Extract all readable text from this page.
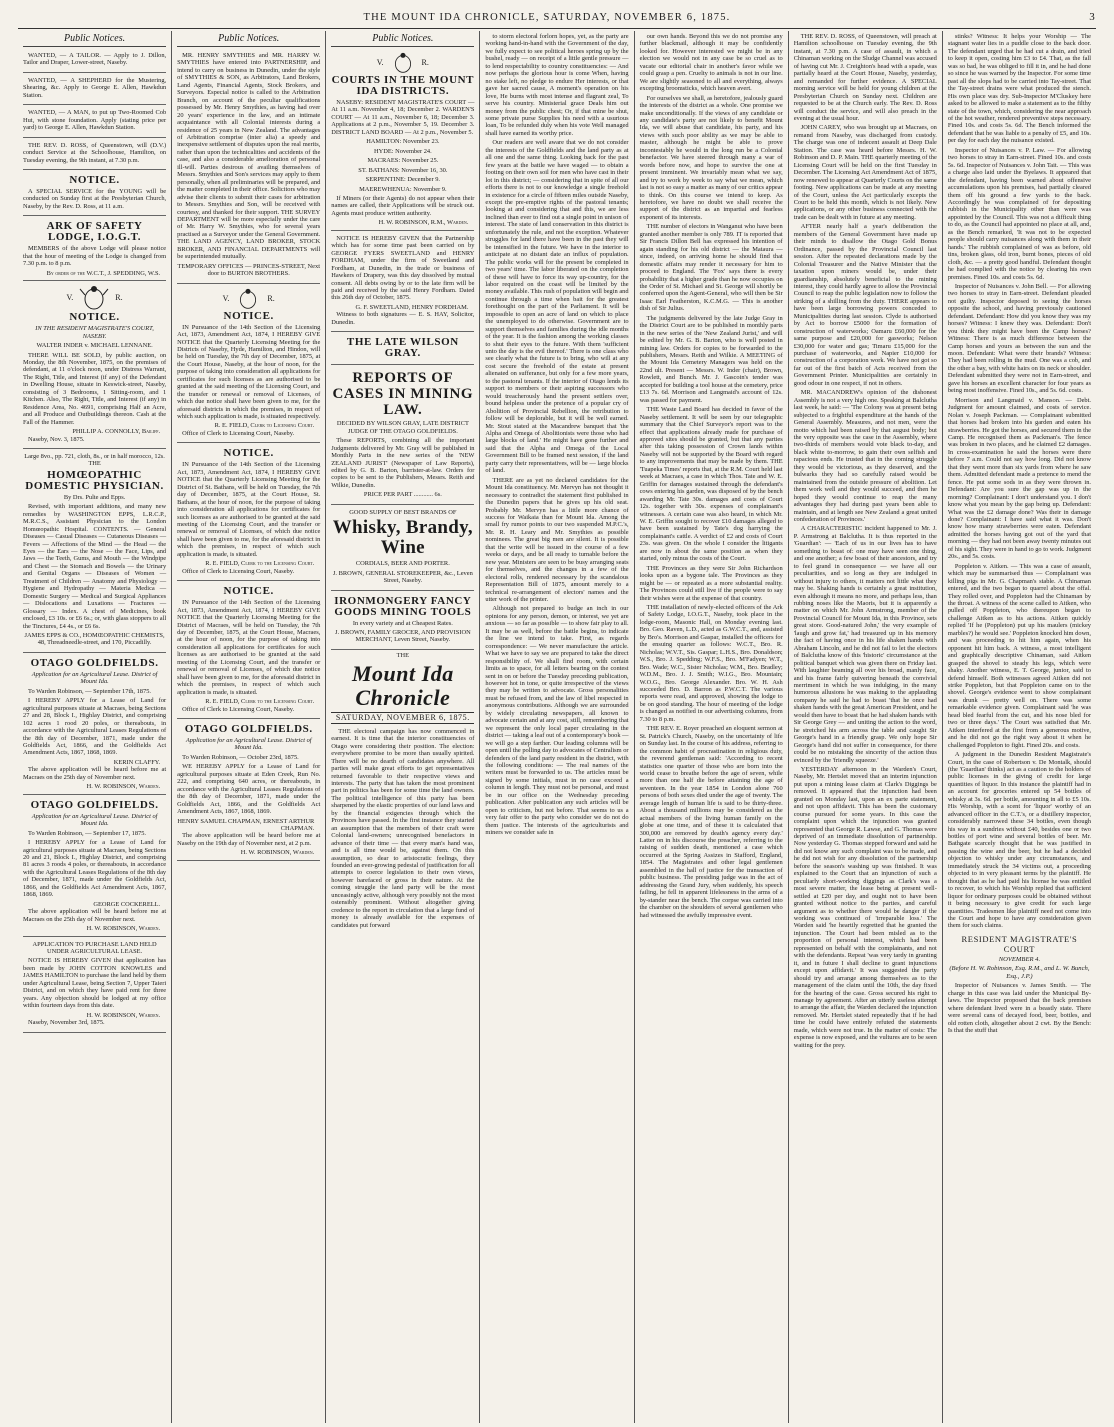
THE MOUNT IDA CHRONICLE, SATURDAY, NOVEMBER 6, 1875.	3
Public Notices.

WANTED, — A TAILOR. — Apply to J. Dillon, Tailor and Draper, Lower-street, Naseby.

WANTED, — A SHEPHERD for the Mustering, Shearing, &c. Apply to George E. Allen, Hawkdun Station.

WANTED, — A MAN, to put up Two-Roomed Cob Hut, with stone foundation. Apply (stating price per yard) to George E. Allen, Hawkdun Station.

THE REV. D. ROSS, of Queenstown, will (D.V.) conduct Service at the Schoolhouse, Hamilton, on Tuesday evening, the 9th instant, at 7.30 p.m.

NOTICE.

A SPECIAL SERVICE for the YOUNG will be conducted on Sunday first at the Presbyterian Church, Naseby, by the Rev. D. Ross, at 11 a.m.

ARK OF SAFETY LODGE, I.O.G.T.

MEMBERS of the above Lodge will please notice that the hour of meeting of the Lodge is changed from 7.30 p.m. to 8 p.m.

By order of the W.C.T., J. SPEDDING, W.S.
V.	R.
NOTICE.

IN THE RESIDENT MAGISTRATE'S COURT, NASEBY.

WALTER INDER v. MICHAEL LENNANE.

THERE WILL BE SOLD, by public auction, on Monday, the 8th November, 1875, on the premises of defendant, at 11 o'clock noon, under Distress Warrant, The Right, Title, and Interest (if any) of the Defendant in Dwelling House, situate in Keswick-street, Naseby, consisting of 3 Bedrooms, 1 Sitting-room, and 1 Kitchen. Also, The Right, Title, and Interest (if any) in Residence Area, No. 4691, comprising Half an Acre, and all Produce and Outbuildings thereon. Cash at the Fall of the Hammer.

PHILLIP A. CONNOLLY, Bailiff.

Naseby, Nov. 3, 1875.

Large 8vo., pp. 721, cloth, 8s., or in half morocco, 12s. THE

HOMŒOPATHIC DOMESTIC PHYSICIAN.

By Drs. Pulte and Epps.

Revised, with important additions, and many new remedies by WASHINGTON EPPS, L.R.C.P., M.R.C.S., Assistant Physician to the London Homœopathic Hospital. CONTENTS. — General Diseases — Casual Diseases — Cutaneous Diseases — Fevers — Affections of the Mind — the Head — the Eyes — the Ears — the Nose — the Face, Lips, and Jaws — the Teeth, Gums, and Mouth — the Windpipe and Chest — the Stomach and Bowels — the Urinary and Genital Organs — Diseases of Women — Treatment of Children — Anatomy and Physiology — Hygiene and Hydropathy — Materia Medica — Domestic Surgery — Medical and Surgical Appliances — Dislocations and Luxations — Fractures — Glossary — Index. A chest of Medicines, book enclosed, £3 10s. or £6 6s.; or, with glass stoppers to all the Tinctures, £4 4s., or £6 6s.

JAMES EPPS & CO., HOMŒOPATHIC CHEMISTS, 48, Threadneedle-street, and 170, Piccadilly.

OTAGO GOLDFIELDS.

Application for an Agricultural Lease. District of Mount Ida.

To Warden Robinson, — September 17th, 1875.

I HEREBY APPLY for a Lease of Land for agricultural purposes situate at Macraes, being Sections 27 and 28, Block I., Highlay District, and comprising 102 acres 1 rood 20 poles, or thereabouts, in accordance with the Agricultural Leases Regulations of the 8th day of December, 1871, made under the Goldfields Act, 1866, and the Goldfields Act Amendment Acts, 1867, 1868, 1869.

KERIN CLAFFY.

The above application will be heard before me at Macraes on the 25th day of November next.

H. W. ROBINSON, Warden.
OTAGO GOLDFIELDS.

Application for an Agricultural Lease. District of Mount Ida.

To Warden Robinson, — September 17, 1875.

I HEREBY APPLY for a Lease of Land for agricultural purposes situate at Macraes, being Sections 20 and 21, Block I., Highlay District, and comprising 81 acres 3 roods 4 poles, or thereabouts, in accordance with the Agricultural Leases Regulations of the 8th day of December, 1871, made under the Goldfields Act, 1866, and the Goldfields Act Amendment Acts, 1867, 1868, 1869.

GEORGE COCKERELL.

The above application will be heard before me at Macraes on the 25th day of November next.

H. W. ROBINSON, Warden.

APPLICATION TO PURCHASE LAND HELD UNDER AGRICULTURAL LEASE.

NOTICE IS HEREBY GIVEN that application has been made by JOHN COTTON KNOWLES and JAMES HAMILTON to purchase the land held by them under Agricultural Lease, being Section 7, Upper Taieri District, and on which they have paid rent for three years. Any objection should be lodged at my office within fourteen days from this date.

H. W. ROBINSON, Warden.

Naseby, November 3rd, 1875.

Public Notices.

MR. HENRY SMYTHIES and MR. HARRY W. SMYTHIES have entered into PARTNERSHIP, and intend to carry on business in Dunedin, under the style of SMYTHIES & SON, as Arbitrators, Land Brokers, Land Agents, Financial Agents, Stock Brokers, and Surveyors. Especial notice is called to the Arbitration Branch, on account of the peculiar qualifications possessed by Mr. Henry Smythies, as having had over 20 years' experience in the law, and an intimate acquaintance with all Colonial interests during a residence of 25 years in New Zealand. The advantages of Arbitration comprise (inter alia) a speedy and inexpensive settlement of disputes upon the real merits, rather than upon the technicalities and accidents of the case, and also a considerable amelioration of personal ill-will. Parties desirous of availing themselves of Messrs. Smythies and Son's services may apply to them personally, when all preliminaries will be prepared, and the matter completed in their office. Solicitors who may advise their clients to submit their cases for arbitration to Messrs. Smythies and Son, will be received with courtesy, and thanked for their support. THE SURVEY DEPARTMENT will be more especially under the care of Mr. Harry W. Smythies, who for several years practised as a Surveyor under the General Government. THE LAND AGENCY, LAND BROKER, STOCK BROKER, AND FINANCIAL DEPARTMENTS will be superintended mutually.

TEMPORARY OFFICES — PRINCES-STREET, Next door to BURTON BROTHERS.

V.	R.
NOTICE.

IN Pursuance of the 14th Section of the Licensing Act, 1873, Amendment Act, 1874, I HEREBY GIVE NOTICE that the Quarterly Licensing Meeting for the Districts of Naseby, Hyde, Hamilton, and Hindon, will be held on Tuesday, the 7th day of December, 1875, at the Court House, Naseby, at the hour of noon, for the purpose of taking into consideration all applications for certificates for such licenses as are authorised to be granted at the said meeting of the Licensing Court, and the transfer or renewal or removal of Licenses, of which due notice shall have been given to me, for the aforesaid districts in which the premises, in respect of which such application is made, is situated respectively.

R. E. FIELD, Clerk to Licensing Court.

Office of Clerk to Licensing Court, Naseby.

NOTICE.

IN Pursuance of the 14th Section of the Licensing Act, 1873, Amendment Act, 1874, I HEREBY GIVE NOTICE that the Quarterly Licensing Meeting for the District of St. Bathans, will be held on Tuesday, the 7th day of December, 1875, at the Court House, St. Bathans, at the hour of noon, for the purpose of taking into consideration all applications for certificates for such licenses as are authorised to be granted at the said meeting of the Licensing Court, and the transfer or renewal or removal of Licenses, of which due notice shall have been given to me, for the aforesaid district in which the premises, in respect of which such application is made, is situated.

R. E. FIELD, Clerk to the Licensing Court.

Office of Clerk to Licensing Court, Naseby.

NOTICE.

IN Pursuance of the 14th Section of the Licensing Act, 1873, Amendment Act, 1874, I HEREBY GIVE NOTICE that the Quarterly Licensing Meeting for the District of Macraes, will be held on Tuesday, the 7th day of December, 1875, at the Court House, Macraes, at the hour of noon, for the purpose of taking into consideration all applications for certificates for such licenses as are authorised to be granted at the said meeting of the Licensing Court, and the transfer or renewal or removal of Licenses, of which due notice shall have been given to me, for the aforesaid district in which the premises, in respect of which such application is made, is situated.

R. E. FIELD, Clerk to the Licensing Court.

Office of Clerk to Licensing Court, Naseby.

OTAGO GOLDFIELDS.

Application for an Agricultural Lease. District of Mount Ida.

To Warden Robinson, — October 23rd, 1875.

WE HEREBY APPLY for a Lease of Land for agricultural purposes situate at Eden Creek, Run No. 222, and comprising 640 acres, or thereabouts, in accordance with the Agricultural Leases Regulations of the 8th day of December, 1871, made under the Goldfields Act, 1866, and the Goldfields Act Amendment Acts, 1867, 1868, 1869.

HENRY SAMUEL CHAPMAN, ERNEST ARTHUR CHAPMAN.

The above application will be heard before me at Naseby on the 19th day of November next, at 2 p.m.

H. W. ROBINSON, Warden.
Public Notices.
V.	R.
COURTS IN THE MOUNT IDA DISTRICTS.

NASEBY: RESIDENT MAGISTRATE'S COURT — At 11 a.m. November 4, 18; December 2. WARDEN'S COURT — At 11 a.m., November 6, 18; December 3. Applications at 2 p.m., November 5, 19. December 3. DISTRICT LAND BOARD — At 2 p.m., November 5.

HAMILTON: November 23.

HYDE: November 24.

MACRAES: November 25.

ST. BATHANS: November 16, 30.

SERPENTINE: December 9.

MAEREWHENUA: November 9.

If Miners (or their Agents) do not appear when their names are called, their Applications will be struck out. Agents must produce written authority.

H. W. ROBINSON, R.M., Warden.

NOTICE IS HEREBY GIVEN that the Partnership which has for some time past been carried on by GEORGE FYERS SWEETLAND and HENRY FORDHAM, under the firm of Sweetland and Fordham, at Dunedin, in the trade or business of Hawkers of Drapery, was this day dissolved by mutual consent. All debts owing by or to the late firm will be paid and received by the said Henry Fordham. Dated this 26th day of October, 1875.

G. F. SWEETLAND, HENRY FORDHAM.

Witness to both signatures — E. S. HAY, Solicitor, Dunedin.

THE LATE WILSON GRAY.
REPORTS OF CASES IN MINING LAW.

DECIDED BY WILSON GRAY, LATE DISTRICT JUDGE OF THE OTAGO GOLDFIELDS.

These REPORTS, combining all the important Judgments delivered by Mr. Gray will be published in Monthly Parts in the new series of the 'NEW ZEALAND JURIST' (Newspaper of Law Reports), edited by G. B. Barton, barrister-at-law. Orders for copies to be sent to the Publishers, Messrs. Reith and Wilkie, Dunedin.

PRICE PER PART ............ 6s.

GOOD SUPPLY OF BEST BRANDS OF

Whisky, Brandy, Wine

CORDIALS, BEER AND PORTER.

J. BROWN, GENERAL STOREKEEPER, &c., Leven Street, Naseby.

IRONMONGERY FANCY GOODS MINING TOOLS

In every variety and at Cheapest Rates.

J. BROWN, FAMILY GROCER, AND PROVISION MERCHANT, Leven Street, Naseby.

THE
Mount Ida Chronicle
SATURDAY, NOVEMBER 6, 1875.

THE electoral campaign has now commenced in earnest. It is time that the interior constituencies of Otago were considering their position. The election: everywhere promise to be more than usually spirited. There will be no dearth of candidates anywhere. All parties will make great efforts to get representatives returned favorable to their respective views and interests. The party that has taken the most prominent part in politics has been for some time the land owners. The political intelligence of this party has been sharpened by the elastic properties of our land laws and by the financial exigencies through which the Provinces have passed. In the first instance they started an assumption that the members of their craft were Colonial land-owners; unrecognised benefactors in advance of their time — that every man's hand was, and is all time would be, against them. On this assumption, so dear to aristocratic feelings, they founded an ever-growing pedestal of justification for all attempts to coerce legislation to their own views, however barefaced or gross in their nature. At the coming struggle the land party will be the most unceasingly active, although very possibly not the most ostensibly prominent. Without altogether giving credence to the report in circulation that a large fund of money is already available for the expenses of candidates put forward

to storm electoral forlorn hopes, yet, as the party are working hand-in-hand with the Government of the day, we fully expect to see political heroes spring up by the bushel, ready — on receipt of a little gentle pressure — to lend respectability to country constituencies: — And now perhaps the glorious hour is come When, having no stake left, no pledge to endure Her interests, or that gave her sacred cause, A moment's operation on his love, He burns with most intense and flagrant zeal, To serve his country. Ministerial grace Deals him out money from the public chest; Or, if that mine be shut, some private purse Supplies his need with a usurious loan, To be refunded duly when his vote Well managed shall have earned its worthy price.

Our readers are well aware that we do not consider the interests of the Goldfields and the land party as at all one and the same thing. Looking back for the past few years at the battle we have waged — to obtain a footing on their own soil for men who have cast in their lot in this district; — considering that in spite of all our efforts there is not to our knowledge a single freehold in existence for a circle of fifteen miles outside Naseby, except the pre-emptive rights of the pastoral tenants; looking at and considering that and this, we are less inclined than ever to find out a single point in unison of interest. The state of land conservation in this district is unfortunately the rule, and not the exception. Whatever struggles for land there have been in the past they will be intensified in the future. We have in the interior to anticipate at no distant date an influx of population. The public works will for the present be completed in two years' time. The labor liberated on the completion of these will have to force its way up-country, for the labor required on the coast will be limited by the money available. This rush of population will begin and continue through a time when bait for the greatest forethought on the part of the Parliament. It will be impossible to open an acre of land on which to place the unemployed to do otherwise. Government are to support themselves and families during the idle months of the year. It is the fashion among the working classes to shut their eyes to the future. With them 'sufficient unto the day is the evil thereof.' There is one class who see clearly what the future is to bring, who will at any cost secure the freehold of the estate at present alienated on sufferance, but only for a few more years, to the pastoral tenants. If the interior of Otago lends its support to members or their aspiring successors who would treacherously hand the present settlers over, bound helpless under the pretence of a popular cry of Abolition of Provincial Rebellion, the retribution to follow will be deplorable, but it will be well earned. Mr. Stout stated at the Macandrew banquet that 'the Alpha and Omega of Abolitionists were those who had large blocks of land.' He might have gone further and said that the Alpha and Omega of the Local Government Bill to be framed next session, if the land party carry their representatives, will be — large blocks of land.

THERE are as yet no declared candidates for the Mount Ida constituency. Mr. Mervyn has not thought it necessary to contradict the statement first published in the Dunedin papers that he gives up his old seat. Probably Mr. Mervyn has a little more chance of success for Waikaia than for Mount Ida. Among the small fry rumor points to our two suspended M.P.C.'s, Mr. R. H. Leary and Mr. Smythies as possible nominees. The great big men are silent. It is possible that the write will be issued in the course of a few weeks or days, and be all ready to turnable before the new year. Ministers are seen to be busy arranging seats for themselves, and the changes in a few of the electoral rolls, rendered necessary by the scandalous Representation Bill of 1875, amount merely to a technical re-arrangement of electors' names and the utter work of the printer.

Although not prepared to budge an inch in our opinions for any person, demon, or interest, we yet are anxious — so far as possible — to show fair play to all. It may be as well, before the battle begins, to indicate the line we intend to take. First, as regards correspondence: — We never manufacture the article. What we have to say we are prepared to take the direct responsibility of. We shall find room, with certain limits as to space, for all letters bearing on the contest sent in on or before the Tuesday preceding publication, however hot in tone, or quite irrespective of the views they may be written to advocate. Gross personalities must be refused from, and the law of libel respected in anonymous contributions. Although we are surrounded by widely circulating newspapers, all known to advocate certain and at any cost, still, remembering that we represent the only local paper circulating in the district — taking a leaf out of a contemporary's book — we will go a step farther. Our leading columns will be open until the polling day to advocates of Centralism or defenders of the land party resident in the district, with the following conditions: — The real names of the writers must be forwarded to us. The articles must be signed by some initials, must in no case exceed a column in length. They must not be personal, and must be in our office on the Wednesday preceding publication. After publication any such articles will be open to criticism, but not before. That seems to us a very fair offer to the party who consider we do not do them justice. The interests of the agriculturists and miners we consider safe in

our own hands. Beyond this we do not promise any further blackmail, although it may be confidently looked for. However interested we might be in any election we would not in any case be so cruel as to vacate our editorial chair in another's favor while we could grasp a pen. Cruelty to animals is not in our line. We are slightly seasoned to all and everything, always excepting broomsticks, which heaven avert.

For ourselves we shall, as heretofore, jealously guard the interests of the district as a whole. One promise we make unconditionally. If the views of any candidate or any candidate's party are not likely to benefit Mount Ida, we will abuse that candidate, his party, and his views with such poor ability as we may be able to master, although he might be able to prove incontestably he would in the long run be a Colonial benefactor. We have steered through many a war of words before now, and hope to survive the one at present imminent. We invariably mean what we say, and try to work by week to say what we mean, which last is not so easy a matter as many of our critics appear to think. On this course we intend to keep. As heretofore, we have no doubt we shall receive the support of the district as an impartial and fearless exponent of its interests.

THE number of electors in Wanganui who have been granted another member is only 789. IT is reported that Sir Francis Dillon Bell has expressed his intention of again standing for his old district — the Mataura — since, indeed, on arriving home he should find that domestic affairs may render it necessary for him to proceed to England. The 'Fox' says there is every probability that a higher grade than he now occupies on the Order of St. Michael and St. George will shortly be conferred upon the Agent-General, who will then be Sir Isaac Earl Featherston, K.C.M.G. — This is another dish of Sir Julius.

The judgments delivered by the late Judge Gray in the District Court are to be published in monthly parts in the new series of the 'New Zealand Jurist,' and will be edited by Mr. G. B. Barton, who is well posted in mining law. Orders for copies to be forwarded to the publishers, Messrs. Reith and Wilkie. A MEETING of the Mount Ida Cemetery Managers was held on the 22nd ult. Present — Messrs. W. Inder (chair), Brown, Rowlett, and Bunch. Mr. J. Gascoin's tender was accepted for building a tool house at the cemetery, price £13 7s. 6d. Morrison and Langmaid's account of 12s. was passed for payment.

THE Waste Land Board has decided in favor of the Naseby settlement. It will be seen by our telegraphic summary that the Chief Surveyor's report was to the effect that applications already made for purchase of approved sites should be granted, but that any parties after this taking possession of Crown lands within Naseby will not be supported by the Board with regard to any improvements that may be made by them. THE 'Tuapeka Times' reports that, at the R.M. Court held last week at Macraes, a case in which Thos. Tate and W. E. Griffin for damages sustained through the defendant's cows entering his garden, was disposed of by the bench awarding Mr. Tate 30s. damages and costs of Court 12s. together with 30s. expenses of complainant's witnesses. A certain case was also heard, in which Mr. W. E. Griffin sought to recover £10 damages alleged to have been sustained by Tate's dog harrying the complainant's cattle. A verdict of £2 and costs of Court 23s. was given. On the whole I consider the litigants are now in about the same position as when they started, only minus the costs of the Court.

THE Provinces as they were Sir John Richardson looks upon as a bygone tale. The Provinces as they might be — or repeated as a more substantial reality. The Provinces could still live if the people were to say their wishes were at the expense of that country.

THE installation of newly-elected officers of the Ark of Safety Lodge, I.O.G.T., Naseby, took place in the lodge-room, Masonic Hall, on Monday evening last. Bro. Geo. Raven, L.D., acted as G.W.C.T., and, assisted by Bro's. Morrison and Gaspar, installed the officers for the ensuing quarter as follows: W.C.T., Bro. R. Nicholas; W.V.T., Sis. Gaspar; L.H.S., Bro. Donaldson; W.S., Bro. J. Spedding; W.F.S., Bro. M'Fadyen; W.T., Bro. Wade; W.C., Sister Nicholas; W.M., Bro. Bradley; W.D.M., Bro. J. J. Smith; W.I.G., Bro. Mountain; W.O.G., Bro. George Alexander. Bro. W. H. Ash succeeded Bro. D. Barron as P.W.C.T. The various reports were read, and approved, showing the lodge to be on good standing. The hour of meeting of the lodge is changed as notified in our advertising columns, from 7.30 to 8 p.m.

THE REV. E. Royer preached an eloquent sermon at St. Patrick's Church, Naseby, on the uncertainty of life on Sunday last. In the course of his address, referring to the common habit of procrastination in religious duty, the reverend gentleman said: 'According to recent statistics one quarter of those who are born into the world cease to breathe before the age of seven, while more than one half die before attaining the age of seventeen. In the year 1854 in London alone 760 persons of both sexes died under the age of twenty. The average length of human life is said to be thirty-three. About a thousand millions may be considered as the actual members of the living human family on the globe at one time, and of these it is calculated that 300,000 are removed by death's agency every day.' Latter on in his discourse the preacher, referring to the raising of sudden death, mentioned a case which occurred at the Spring Assizes in Stafford, England, 1854. The Magistrates and other legal gentlemen assembled in the hall of justice for the transaction of public business. The presiding judge was in the act of addressing the Grand Jury, when suddenly, his speech failing, he fell in apparent lifelessness in the arms of a by-stander near the bench. The corpse was carried into the chamber on the shoulders of several gentlemen who had witnessed the awfully impressive event.

THE REV. D. ROSS, of Queenstown, will preach at Hamilton schoolhouse on Tuesday evening, the 9th instant, at 7.30 p.m. A case of assault, in which a Chinaman working on the Sludge Channel was accused of having cut Mr. J. Creighton's head with a spade, was partially heard at the Court House, Naseby, yesterday, and remanded for further evidence. A SPECIAL morning service will be held for young children at the Presbyterian Church on Sunday next. Children are requested to be at the Church early. The Rev. D. Ross will conduct the service, and will also preach in the evening at the usual hour.

JOHN CAREY, who was brought up at Macraes, on remand from Naseby, was discharged from custody. The charge was one of indecent assault at Deep Dale Station. The case was heard before Messrs. H. W. Robinson and D. P. Main. THE quarterly meeting of the Licensing Court will be held on the first Tuesday in December. The Licensing Act Amendment Act of 1875, now renewed to appear at Quarterly Courts on the same footing. New applications can be made at any meeting of the Court, unless the Act particularly excepts the Court to be held this month, which is not likely. New applications, or any other business connected with the trade can be dealt with in future at any meeting.

AFTER nearly half a year's deliberation the members of the General Government have made up their minds to disallow the Otago Gold Bonus Ordinance, passed by the Provincial Council last session. After the repeated declarations made by the Colonial Treasurer and the Native Minister that the taxation upon miners would be, under their guardianship, absolutely beneficial to the mining interest, they could hardly agree to allow the Provincial Council to reap the public legislation now to follow the striking of a shilling from the duty. THERE appears to have been large borrowing powers conceded to Municipalities during last session. Clyde is authorised by Act to borrow £5000 for the formation of construction of waterworks; Oamaru £60,000 for the same purpose and £20,000 for gasworks; Nelson £30,000 for water and gas; Timaru £15,000 for the purchase of waterworks, and Napier £10,000 for construction of a corporation work. We have not got so far out of the first batch of Acts received from the Government Printer. Municipalities are certainly in good odour in one respect, if not in others.

MR. MACANDREW's opinion of the dishonest Assembly is not a very high one. Speaking at Balclutha last week, he said: — 'The Colony was at present being subjected to a frightful expenditure at the hands of the General Assembly. Measures, and not men, were the motto which had been raised by that august body; but the very opposite was the case in the Assembly, where two-thirds of members would vote black to-day, and black white to-morrow, to gain their own selfish and rapacious ends. He trusted that in the coming struggle they would be victorious, as they deserved, and the bulwarks they had so carefully raised would be maintained from the outside pressure of abolition. Let them work well and they would succeed, and then he hoped they would continue to reap the many advantages they had during past years been able to maintain, and at length see New Zealand a great united confederation of Provinces.'

A CHARACTERISTIC incident happened to Mr. J. P. Armstrong at Balclutha. It is thus reported in the 'Guardian': — 'Each of us in our lives has to have something to boast of: one may have seen one thing, and one another; a few boast of their ancestors, and try to feel grand in consequence — we have all our peculiarities, and so long as they are indulged in without injury to others, it matters not little what they may be. Shaking hands is certainly a great institution, even although it means no more, and perhaps less, than rubbing noses like the Maoris, but it is apparently a matter on which Mr. John Armstrong, member of the Provincial Council for Mount Ida, in this Province, sets great store. Good-natured John,' the very example of 'laugh and grow fat,' had treasured up in his memory the fact of having once in his life shaken hands with Abraham Lincoln, and he did not fail to let the electors of Balclutha know of this 'historic' circumstance at the political banquet which was given there on Friday last. With laughter beaming all over his broad, manly face, and his frame fairly quivering beneath the convivial merriment in which he was indulging, in the many humorous allusions he was making to the applauding company he said he had to boast 'that he once had shaken hands with the great American President, and he would then have to boast that he had shaken hands with Sir George Grey — and uniting the action to the word, he stretched his arm across the table and caught Sir George's hand in a friendly grasp. We only hope Sir George's hand did not suffer in consequence, for there could be no mistaking the sincerity of the action thus evinced by the 'friendly squeeze.'

YESTERDAY afternoon in the Warden's Court, Naseby, Mr. Hertslet moved that an interim injunction put upon a mining lease claim at Clark's Diggings be removed. It appeared that the injunction had been granted on Monday last, upon an ex parte statement, and not upon affidavit. This has been the customary course pursued for some years. In this case the complaint upon which the injunction was granted represented that George R. Lawse, and G. Thomas were deprived of an immediate dissolution of partnership. Now yesterday G. Thomas stepped forward and said he did not know any such complaint was to be made, and he did not wish for any dissolution of the partnership before the season's washing up was finished. It was explained to the Court that an injunction of such a peculiarly short-working diggings as Clark's was a most severe matter, the lease being at present well-settled at £20 per day, and ought not to have been granted without notice to the parties, and careful argument as to whether there would be danger if the working was continued of 'irreparable loss.' The Warden said 'he heartily regretted that he granted the injunction. The Court had been misled as to the proportion of personal interest, which had been represented on behalf with the complainants, and not with the defendants. Repeat 'was very tardy in granting it, and in future I shall decline to grant injunctions except upon affidavit.' It was suggested the party should try and arrange among themselves as to the management of the claim until the 10th, the day fixed for the hearing of the case. Gross secured his right to manage by agreement. After an utterly useless attempt to arrange the affair, the Warden declared the injunction removed. Mr. Hertslet stated repeatedly that if he had time he could have entirely refuted the statements made, which were not true. In the matter of costs: The expense is now exposed, and the vultures are to be seen waiting for the prey.

stinks? Witness: It helps your Worship — The stagnant water lies in a puddle close to the back door. The defendant urged that he had cut a drain, and tried to keep it open, costing him £3 to £4. That, as the fall was so bad, he was obliged to fill it in, and he had done so since he was warned by the Inspector. For some time past all the slops had to be carried into Tay-street. That the Tay-street drains were what produced the stench. His own place was dry. Sub-Inspector M'Cluskey here asked to be allowed to make a statement as to the filthy state of the town, which, considering the near approach of the hot weather, rendered preventive steps necessary. Fined 10s. and costs 5s. 6d. The Bench informed the defendant that he was liable to a penalty of £5, and 10s. per day for each day the nuisance existed.

Inspector of Nuisances v. P. Law. — For allowing two horses to stray in Earn-street. Fined 10s. and costs 5s. 6d. Inspector of Nuisances v. John Tait. — This was a charge also laid under the Byelaws. It appeared that the defendant, having been warned about offensive accumulations upon his premises, had partially cleared them off his ground a few yards to the back. Accordingly he was complained of for depositing rubbish in the Municipality other than were was appointed by the Council. This was not a difficult thing to do, as the Council had appointed no place at all, and, as the Bench remarked, 'It was not to be expected people should carry nuisances along with them in their hands.' The rubbish complained of was as before, old tins, broken glass, old iron, burnt bones, pieces of old cloth, &c. — a pretty good handful. Defendant thought he had complied with the notice by clearing his own premises. Fined 10s. and costs 5s. 6d.

Inspector of Nuisances v. John Bell. — For allowing two horses to stray in Earn-street. Defendant pleaded not guilty. Inspector deposed to seeing the horses opposite the school, and having previously cautioned defendant. Defendant: How did you know they was my horses? Witness: I knew they was. Defendant: Don't you think they might have been the Camp horses? Witness: There is as much difference between the Camp horses and yours as between the sun and the moon. Defendant: What were their brands? Witness: They had been rolling in the mud. One was a cob, and the other a bay, with white hairs on its neck or shoulder. Defendant submitted they were not in Earn-street, and gave his horses an excellent character for four years as being most inoffensive. Fined 10s., and 5s. 6d. costs.

Morrison and Langmaid v. Manson. — Debt. Judgment for amount claimed, and costs of service. Nolan v. Joseph Packman. — Complainant submitted that horses had broken into his garden and eaten his strawberries. He got the horses, and secured them in the Camp. He recognised them as Packman's. The fence was broken in two places, and he claimed £2 damages. In cross-examination he said the horses were there before 7 a.m. Could not say how long. Did not know that they went more than six yards from where he saw them. Admitted defendant made a pretence to mend the fence. He put some sods in as they were thrown in. Defendant: Are you sure the gap was up in the morning? Complainant: I don't understand you. I don't know what you mean by the gap being up. Defendant: What was the £2 damage done? Was their in damage done? Complainant: I have said what it was. Don't know how many strawberries were eaten. Defendant admitted the horses having got out of the yard that morning — they had not been away twenty minutes out of his sight. They were in hand to go to work. Judgment 20s., and 5s. costs.

Poppleton v. Aitken. — This was a case of assault, which may be summarised thus — Complainant was killing pigs in Mr. G. Chapman's stable. A Chinaman entered, and the two began to quarrel about the offal. They rolled over, and Poppleton had the Chinaman by the throat. A witness of the scene called to Aitken, who pulled off Poppleton, who thereupon began to challenge Aitken as to his actions. Aitken quickly replied 'If he (Poppleton) put up his maulers (mickey marbles?) he would see.' Poppleton knocked him down, and was proceeding to hit him again, when his opponent hit him back. A witness, a most intelligent and graphically descriptive Chinaman, said Aitken grasped the shovel to steady his legs, which were shaky. Another witness, E. T. George, junior, said to defend himself. Both witnesses agreed Aitken did not strike Poppleton, but that Poppleton came on to the shovel. George's evidence went to show complainant was drunk — pretty well on. There was some remarkable evidence given. Complainant said 'he was head bled fearful from the cut, and his nose bled for two or three days.' The Court was satisfied that Mr. Aitken interfered at the first from a generous motive, and he did not go the right way about it when he challenged Poppleton to fight. Fined 20s. and costs.

A judgment in the Dunedin Resident Magistrate's Court, in the case of Robertson v. De Montalk, should (the 'Guardian' thinks) act as a caution to the holders of public licenses in the giving of credit for large quantities of liquor. In this instance the plaintiff had in an account for groceries entered up 54 bottles of whisky at 3s. 6d. per bottle, amounting in all to £5 10s. His Worship, with a scent for 'liquor' worthy of an advanced officer in the C.T.'s, or a distillery inspector, considerably narrowed these 34 bottles, even though his way in a sundries without £40, besides one or two bottles of port wine and several bottles of beer. Mr. Bathgate scarcely thought that he was justified in passing the wine and the beer, but he had a decided objection to whisky under any circumstances, and immediately struck the 34 victims out, a proceeding objected to in very pleasant terms by the plaintiff. He thought that as he had paid his license he was entitled to recover, to which his Worship replied that sufficient liquor for ordinary purposes could be obtained without it being necessary to give credit for such large quantities. Tradesmen like plaintiff need not come into the Court and hope to have any consideration given them for such claims.

RESIDENT MAGISTRATE'S COURT
NOVEMBER 4.
(Before H. W. Robinson, Esq. R.M., and L. W. Bunch, Esq., J.P.)

Inspector of Nuisances v. James Smith. — The charge in this case was laid under the Municipal By-laws. The Inspector proposed that the back premises where defendant lived were in a beastly state. There were several cans of decayed food, beer, bottles, and old rotten cloth, altogether about 2 cwt. By the Bench: Is that the stuff that
